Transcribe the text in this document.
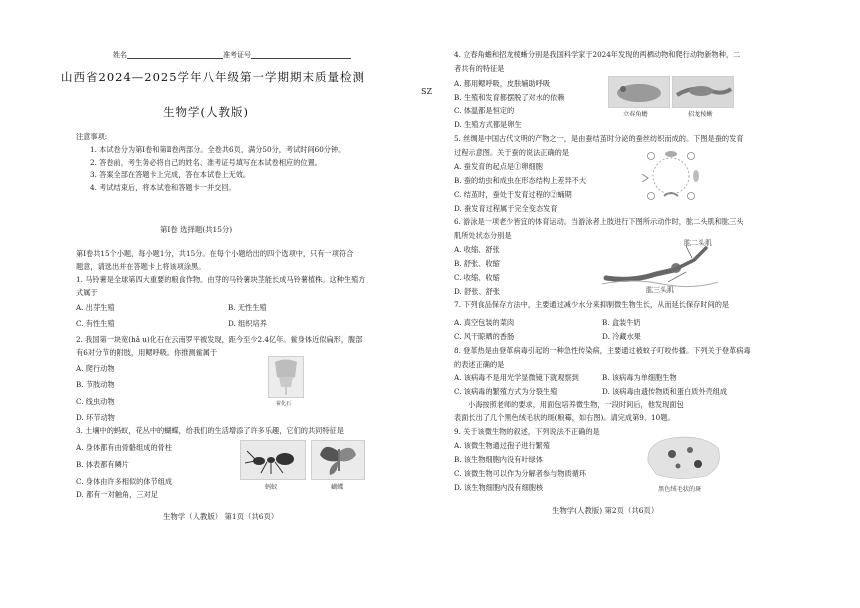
姓名	准考证号
山西省2024—2025学年八年级第一学期期末质量检测
生物学(人教版)
注意事项:
1. 本试卷分为第Ⅰ卷和第Ⅱ卷两部分。全卷共6页，满分50分，考试时间60分钟。
2. 答卷前，考生务必将自己的姓名、准考证号填写在本试卷相应的位置。
3. 答案全部在答题卡上完成，答在本试卷上无效。
4. 考试结束后，将本试卷和答题卡一并交回。
第Ⅰ卷 选择题(共15分)
第Ⅰ卷共15个小题，每小题1分，共15分。在每个小题给出的四个选项中，只有一项符合
题意，请选出并在答题卡上将该项涂黑。
1. 马铃薯是全球第四大重要的粮食作物。由芽的马铃薯块茎能长成马铃薯植株。这种生殖方
式属于
A. 出芽生殖	B. 无性生殖
C. 有性生殖	D. 组织培养
2. 我国第一块宽(hǎ u)化石在云南罗平被发现，距今至少2.4亿年。鲎身体近似扁形，腹部
有6对分节的附肢，用鳃呼吸。你推测鲎属于
A. 爬行动物
B. 节肢动物
C. 线虫动物
D. 环节动物
鲎化石
3. 土壤中的蚂蚁，花丛中的蝴蝶，给我们的生活增添了许多乐趣，它们的共同特征是
A. 身体都有由骨骼组成的骨柱
B. 体表都有鳞片
C. 身体由许多相似的体节组成
D. 都有一对触角，三对足
蚂蚁	蝴蝶
生物学（人教版） 第1页（共6页）
SZ
4. 立春角蟾和招龙棱蜥分别是我国科学家于2024年发现的两栖动物和爬行动物新物种，二
者共有的特征是
A. 都用鳃呼吸，皮肤辅助呼吸
B. 生殖和发育都摆脱了对水的依赖
C. 体温都是恒定的
D. 生殖方式都是卵生
立春角蟾	招龙棱蜥
5. 丝绸是中国古代文明的产物之一，是由蚕结茧时分泌的蚕丝纺织而成的。下图是蚕的发育
过程示意图。关于蚕的说法正确的是
A. 蚕发育的起点是①卵细胞
B. 蚕的幼虫和成虫在形态结构上差异不大
C. 结茧时，蚕处于发育过程的②蛹期
D. 蚕发育过程属于完全变态发育
6. 游泳是一项老少皆宜的体育运动。当游泳者上肢进行下图所示动作时，肱二头肌和肱三头
肌所处状态分别是
A. 收缩、舒张
B. 舒张、收缩
C. 收缩、收缩
D. 舒张、舒张
肱二头肌
肱三头肌
7. 下列食品保存方法中，主要通过减少水分来抑制微生物生长，从而延长保存时间的是
A. 真空包装的菜肉	B. 盒装牛奶
C. 风干晾晒的香肠	D. 冷藏水果
8. 登革热是由登革病毒引起的一种急性传染病，主要通过被蚊子叮咬传播。下列关于登革病毒
的表述正确的是
A. 该病毒不是用光学显微镜下就观察到	B. 该病毒为单细胞生物
C. 该病毒的繁殖方式为分裂生殖	D. 该病毒由遗传物质和蛋白质外壳组成
小海按照老师的要求，用面包培养微生物，一段时间后，他发现面包
表面长出了几个黑色绒毛状的斑(粮霉，如右图)。请完成第9、10题。
9. 关于该微生物的叙述，下列说法不正确的是
A. 该微生物通过孢子进行繁殖
B. 该生物细胞内没有叶绿体
C. 该微生物可以作为分解者参与物质循环
D. 该生物细胞内没有细胞核	黑色绒毛状的斑
生物学(人教版) 第2页（共6页）
